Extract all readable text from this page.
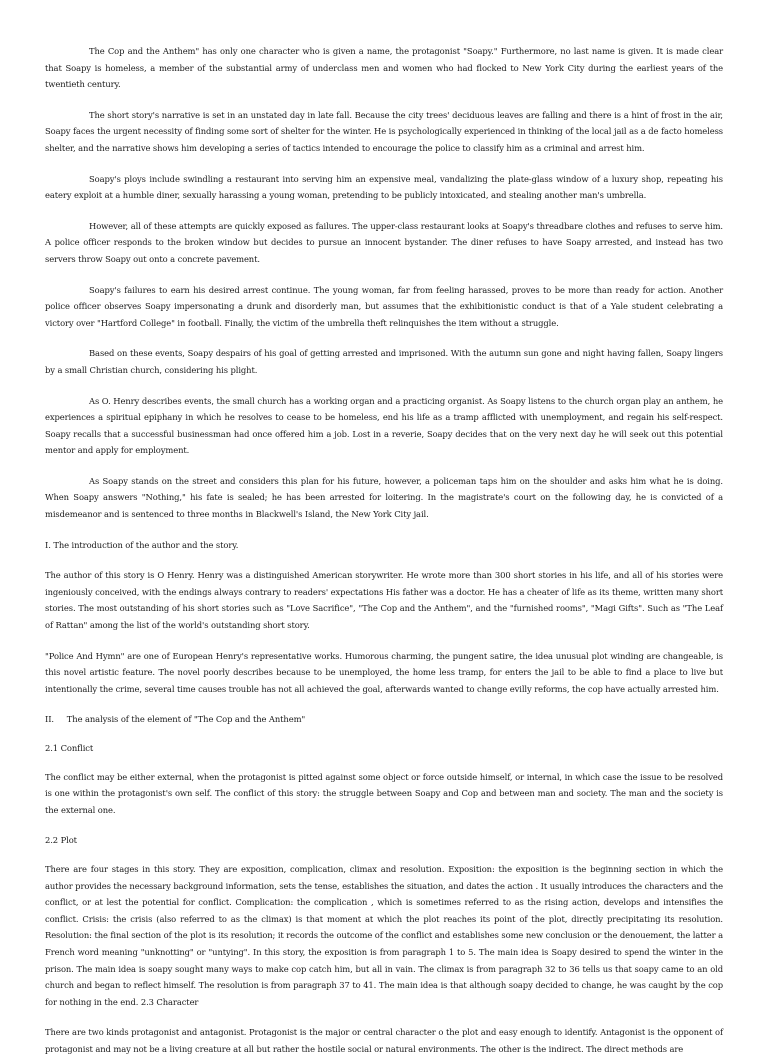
The Cop and the Anthem" has only one character who is given a name, the protagonist "Soapy." Furthermore, no last name is given. It is made clear that Soapy is homeless, a member of the substantial army of underclass men and women who had flocked to New York City during the earliest years of the twentieth century.

The short story's narrative is set in an unstated day in late fall. Because the city trees' deciduous leaves are falling and there is a hint of frost in the air, Soapy faces the urgent necessity of finding some sort of shelter for the winter. He is psychologically experienced in thinking of the local jail as a de facto homeless shelter, and the narrative shows him developing a series of tactics intended to encourage the police to classify him as a criminal and arrest him.

Soapy's ploys include swindling a restaurant into serving him an expensive meal, vandalizing the plate-glass window of a luxury shop, repeating his eatery exploit at a humble diner, sexually harassing a young woman, pretending to be publicly intoxicated, and stealing another man's umbrella.

However, all of these attempts are quickly exposed as failures. The upper-class restaurant looks at Soapy's threadbare clothes and refuses to serve him. A police officer responds to the broken window but decides to pursue an innocent bystander. The diner refuses to have Soapy arrested, and instead has two servers throw Soapy out onto a concrete pavement.

Soapy's failures to earn his desired arrest continue. The young woman, far from feeling harassed, proves to be more than ready for action. Another police officer observes Soapy impersonating a drunk and disorderly man, but assumes that the exhibitionistic conduct is that of a Yale student celebrating a victory over "Hartford College" in football. Finally, the victim of the umbrella theft relinquishes the item without a struggle.

Based on these events, Soapy despairs of his goal of getting arrested and imprisoned. With the autumn sun gone and night having fallen, Soapy lingers by a small Christian church, considering his plight.

As O. Henry describes events, the small church has a working organ and a practicing organist. As Soapy listens to the church organ play an anthem, he experiences a spiritual epiphany in which he resolves to cease to be homeless, end his life as a tramp afflicted with unemployment, and regain his self-respect. Soapy recalls that a successful businessman had once offered him a job. Lost in a reverie, Soapy decides that on the very next day he will seek out this potential mentor and apply for employment.

As Soapy stands on the street and considers this plan for his future, however, a policeman taps him on the shoulder and asks him what he is doing. When Soapy answers "Nothing," his fate is sealed; he has been arrested for loitering. In the magistrate's court on the following day, he is convicted of a misdemeanor and is sentenced to three months in Blackwell's Island, the New York City jail.

I. The introduction of the author and the story.

The author of this story is O Henry. Henry was a distinguished American storywriter. He wrote more than 300 short stories in his life, and all of his stories were ingeniously conceived, with the endings always contrary to readers' expectations His father was a doctor. He has a cheater of life as its theme, written many short stories. The most outstanding of his short stories such as "Love Sacrifice", "The Cop and the Anthem", and the "furnished rooms", "Magi Gifts". Such as "The Leaf of Rattan" among the list of the world's outstanding short story.

"Police And Hymn" are one of European Henry's representative works. Humorous charming, the pungent satire, the idea unusual plot winding are changeable, is this novel artistic feature. The novel poorly describes because to be unemployed, the home less tramp, for enters the jail to be able to find a place to live but intentionally the crime, several time causes trouble has not all achieved the goal, afterwards wanted to change evilly reforms, the cop have actually arrested him.

II.     The analysis of the element of "The Cop and the Anthem"

2.1 Conflict

The conflict may be either external, when the protagonist is pitted against some object or force outside himself, or internal, in which case the issue to be resolved is one within the protagonist's own self. The conflict of this story: the struggle between Soapy and Cop and between man and society. The man and the society is the external one.

2.2 Plot

There are four stages in this story. They are exposition, complication, climax and resolution. Exposition: the exposition is the beginning section in which the author provides the necessary background information, sets the tense, establishes the situation, and dates the action . It usually introduces the characters and the conflict, or at lest the potential for conflict. Complication: the complication , which is sometimes referred to as the rising action, develops and intensifies the conflict. Crisis: the crisis (also referred to as the climax) is that moment at which the plot reaches its point of the plot, directly precipitating its resolution. Resolution: the final section of the plot is its resolution; it records the outcome of the conflict and establishes some new conclusion or the denouement, the latter a French word meaning "unknotting" or "untying". In this story, the exposition is from paragraph 1 to 5. The main idea is Soapy desired to spend the winter in the prison. The main idea is soapy sought many ways to make cop catch him, but all in vain. The climax is from paragraph 32 to 36 tells us that soapy came to an old church and began to reflect himself. The resolution is from paragraph 37 to 41. The main idea is that although soapy decided to change, he was caught by the cop for nothing in the end. 2.3 Character

There are two kinds protagonist and antagonist. Protagonist is the major or central character o the plot and easy enough to identify. Antagonist is the opponent of protagonist and may not be a living creature at all but rather the hostile social or natural environments. The other is the indirect. The direct methods are
